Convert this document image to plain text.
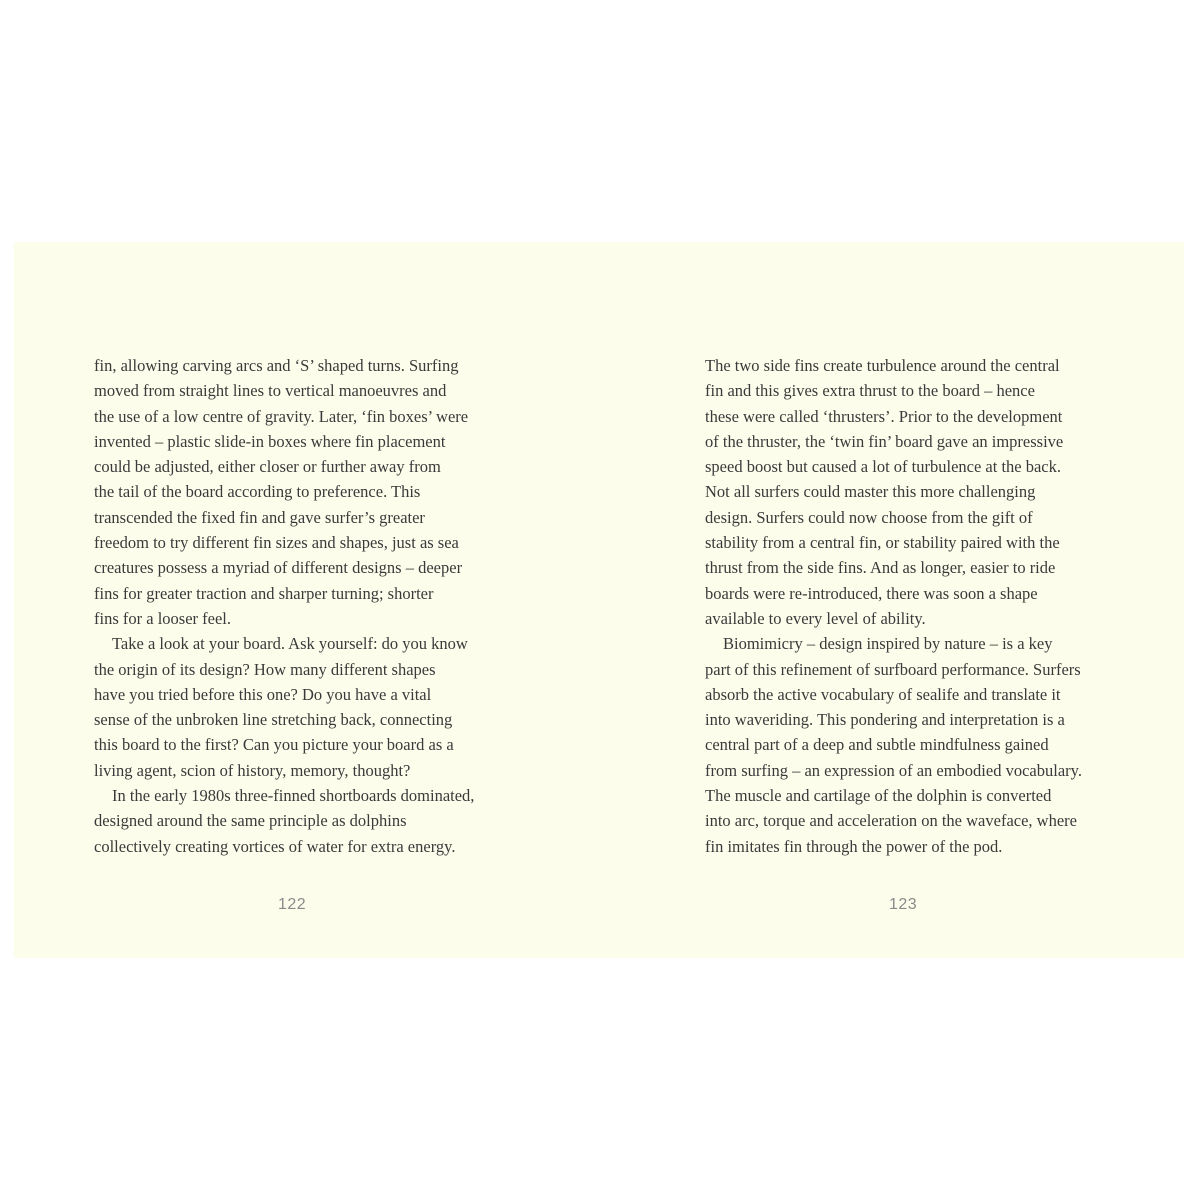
fin, allowing carving arcs and ‘S’ shaped turns. Surfing
moved from straight lines to vertical manoeuvres and
the use of a low centre of gravity. Later, ‘fin boxes’ were
invented – plastic slide-in boxes where fin placement
could be adjusted, either closer or further away from
the tail of the board according to preference. This
transcended the fixed fin and gave surfer’s greater
freedom to try different fin sizes and shapes, just as sea
creatures possess a myriad of different designs – deeper
fins for greater traction and sharper turning; shorter
fins for a looser feel.
Take a look at your board. Ask yourself: do you know
the origin of its design? How many different shapes
have you tried before this one? Do you have a vital
sense of the unbroken line stretching back, connecting
this board to the first? Can you picture your board as a
living agent, scion of history, memory, thought?
In the early 1980s three-finned shortboards dominated,
designed around the same principle as dolphins
collectively creating vortices of water for extra energy.
122
The two side fins create turbulence around the central
fin and this gives extra thrust to the board – hence
these were called ‘thrusters’. Prior to the development
of the thruster, the ‘twin fin’ board gave an impressive
speed boost but caused a lot of turbulence at the back.
Not all surfers could master this more challenging
design. Surfers could now choose from the gift of
stability from a central fin, or stability paired with the
thrust from the side fins. And as longer, easier to ride
boards were re-introduced, there was soon a shape
available to every level of ability.
Biomimicry – design inspired by nature – is a key
part of this refinement of surfboard performance. Surfers
absorb the active vocabulary of sealife and translate it
into waveriding. This pondering and interpretation is a
central part of a deep and subtle mindfulness gained
from surfing – an expression of an embodied vocabulary.
The muscle and cartilage of the dolphin is converted
into arc, torque and acceleration on the waveface, where
fin imitates fin through the power of the pod.
123
